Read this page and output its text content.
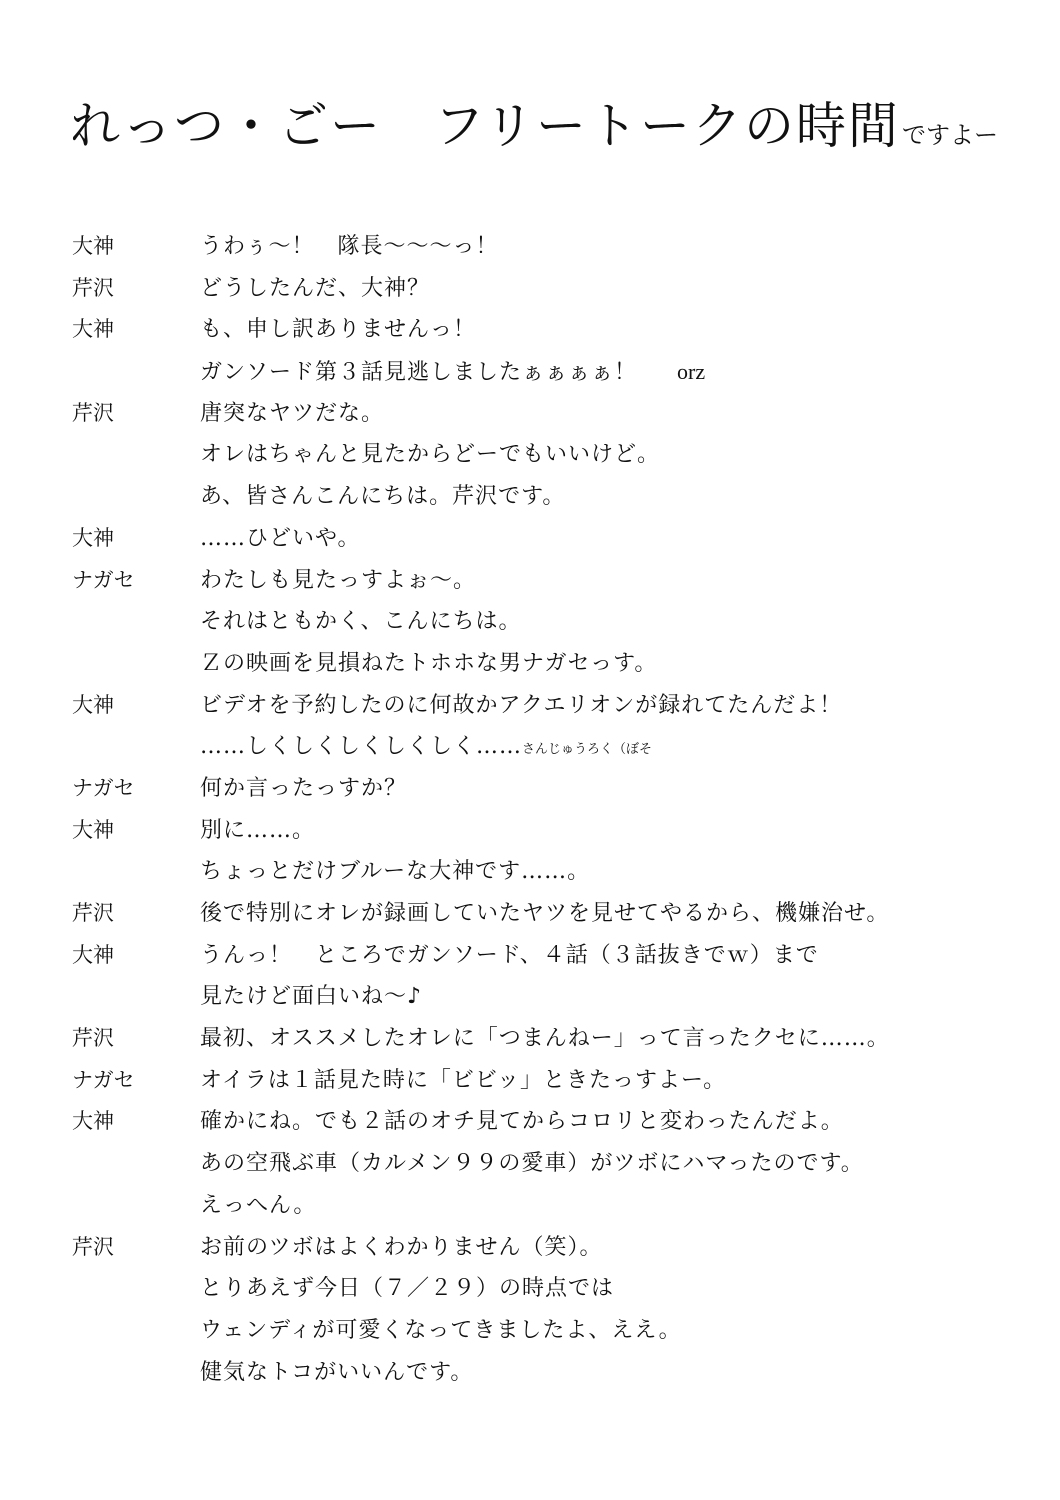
れっつ・ごー　フリートークの時間ですよー
大神	うわぅ～！　隊長～～～っ！
芹沢	どうしたんだ、大神？
大神	も、申し訳ありませんっ！
ガンソード第３話見逃しましたぁぁぁぁ！ orz
芹沢	唐突なヤツだな。
オレはちゃんと見たからどーでもいいけど。
あ、皆さんこんにちは。芹沢です。
大神	……ひどいや。
ナガセ	わたしも見たっすよぉ～。
それはともかく、こんにちは。
Ｚの映画を見損ねたトホホな男ナガセっす。
大神	ビデオを予約したのに何故かアクエリオンが録れてたんだよ！
……しくしくしくしくしく……さんじゅうろく（ぼそ
ナガセ	何か言ったっすか？
大神	別に……。
ちょっとだけブルーな大神です……。
芹沢	後で特別にオレが録画していたヤツを見せてやるから、機嫌治せ。
大神	うんっ！　ところでガンソード、４話（３話抜きでｗ）まで
見たけど面白いね～♪
芹沢	最初、オススメしたオレに「つまんねー」って言ったクセに……。
ナガセ	オイラは１話見た時に「ビビッ」ときたっすよー。
大神	確かにね。でも２話のオチ見てからコロリと変わったんだよ。
あの空飛ぶ車（カルメン９９の愛車）がツボにハマったのです。
えっへん。
芹沢	お前のツボはよくわかりません（笑）。
とりあえず今日（７／２９）の時点では
ウェンディが可愛くなってきましたよ、ええ。
健気なトコがいいんです。
